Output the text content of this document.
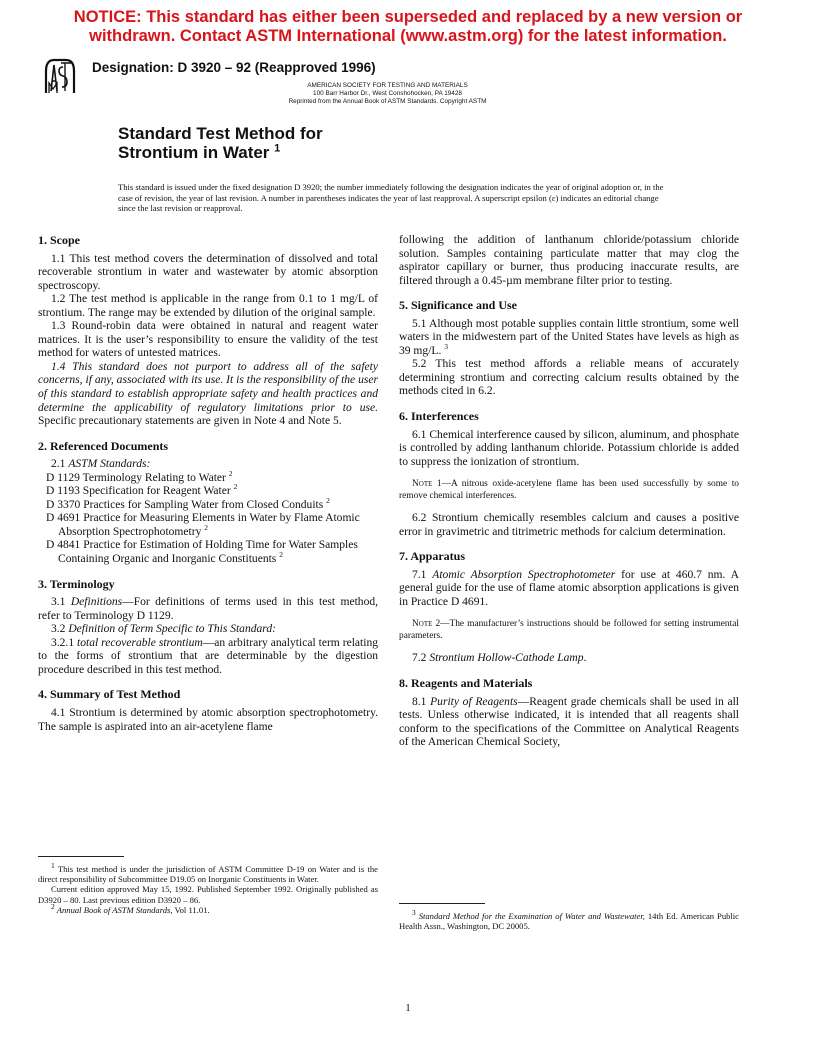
NOTICE: This standard has either been superseded and replaced by a new version or
withdrawn. Contact ASTM International (www.astm.org) for the latest information.
Designation: D 3920 – 92 (Reapproved 1996)
AMERICAN SOCIETY FOR TESTING AND MATERIALS
100 Barr Harbor Dr., West Conshohocken, PA 19428
Reprinted from the Annual Book of ASTM Standards. Copyright ASTM
Standard Test Method for
Strontium in Water $^1$
This standard is issued under the fixed designation D 3920; the number immediately following the designation indicates the year of original adoption or, in the case of revision, the year of last revision. A number in parentheses indicates the year of last reapproval. A superscript epsilon (ε) indicates an editorial change since the last revision or reapproval.

1. Scope

1.1 This test method covers the determination of dissolved and total recoverable strontium in water and wastewater by atomic absorption spectroscopy.

1.2 The test method is applicable in the range from 0.1 to 1 mg/L of strontium. The range may be extended by dilution of the original sample.

1.3 Round-robin data were obtained in natural and reagent water matrices. It is the user’s responsibility to ensure the validity of the test method for waters of untested matrices.

1.4 This standard does not purport to address all of the safety concerns, if any, associated with its use. It is the responsibility of the user of this standard to establish appropriate safety and health practices and determine the applicability of regulatory limitations prior to use. Specific precautionary statements are given in Note 4 and Note 5.

2. Referenced Documents

2.1 ASTM Standards:

D 1129 Terminology Relating to Water $^2$

D 1193 Specification for Reagent Water $^2$

D 3370 Practices for Sampling Water from Closed Conduits $^2$

D 4691 Practice for Measuring Elements in Water by Flame Atomic Absorption Spectrophotometry $^2$

D 4841 Practice for Estimation of Holding Time for Water Samples Containing Organic and Inorganic Constituents $^2$

3. Terminology

3.1 Definitions—For definitions of terms used in this test method, refer to Terminology D 1129.

3.2 Definition of Term Specific to This Standard:

3.2.1 total recoverable strontium—an arbitrary analytical term relating to the forms of strontium that are determinable by the digestion procedure described in this test method.

4. Summary of Test Method

4.1 Strontium is determined by atomic absorption spectrophotometry. The sample is aspirated into an air-acetylene flame

$^1$ This test method is under the jurisdiction of ASTM Committee D-19 on Water and is the direct responsibility of Subcommittee D19.05 on Inorganic Constituents in Water.

Current edition approved May 15, 1992. Published September 1992. Originally published as D3920 – 80. Last previous edition D3920 – 86.

$^2$ Annual Book of ASTM Standards, Vol 11.01.

following the addition of lanthanum chloride/potassium chloride solution. Samples containing particulate matter that may clog the aspirator capillary or burner, thus producing inaccurate results, are filtered through a 0.45-µm membrane filter prior to testing.

5. Significance and Use

5.1 Although most potable supplies contain little strontium, some well waters in the midwestern part of the United States have levels as high as 39 mg/L. $^3$

5.2 This test method affords a reliable means of accurately determining strontium and correcting calcium results obtained by the methods cited in 6.2.

6. Interferences

6.1 Chemical interference caused by silicon, aluminum, and phosphate is controlled by adding lanthanum chloride. Potassium chloride is added to suppress the ionization of strontium.

Note 1—A nitrous oxide-acetylene flame has been used successfully by some to remove chemical interferences.

6.2 Strontium chemically resembles calcium and causes a positive error in gravimetric and titrimetric methods for calcium determination.

7. Apparatus

7.1 Atomic Absorption Spectrophotometer for use at 460.7 nm. A general guide for the use of flame atomic absorption applications is given in Practice D 4691.

Note 2—The manufacturer’s instructions should be followed for setting instrumental parameters.

7.2 Strontium Hollow-Cathode Lamp.

8. Reagents and Materials

8.1 Purity of Reagents—Reagent grade chemicals shall be used in all tests. Unless otherwise indicated, it is intended that all reagents shall conform to the specifications of the Committee on Analytical Reagents of the American Chemical Society,

$^3$ Standard Method for the Examination of Water and Wastewater, 14th Ed. American Public Health Assn., Washington, DC 20005.

1
